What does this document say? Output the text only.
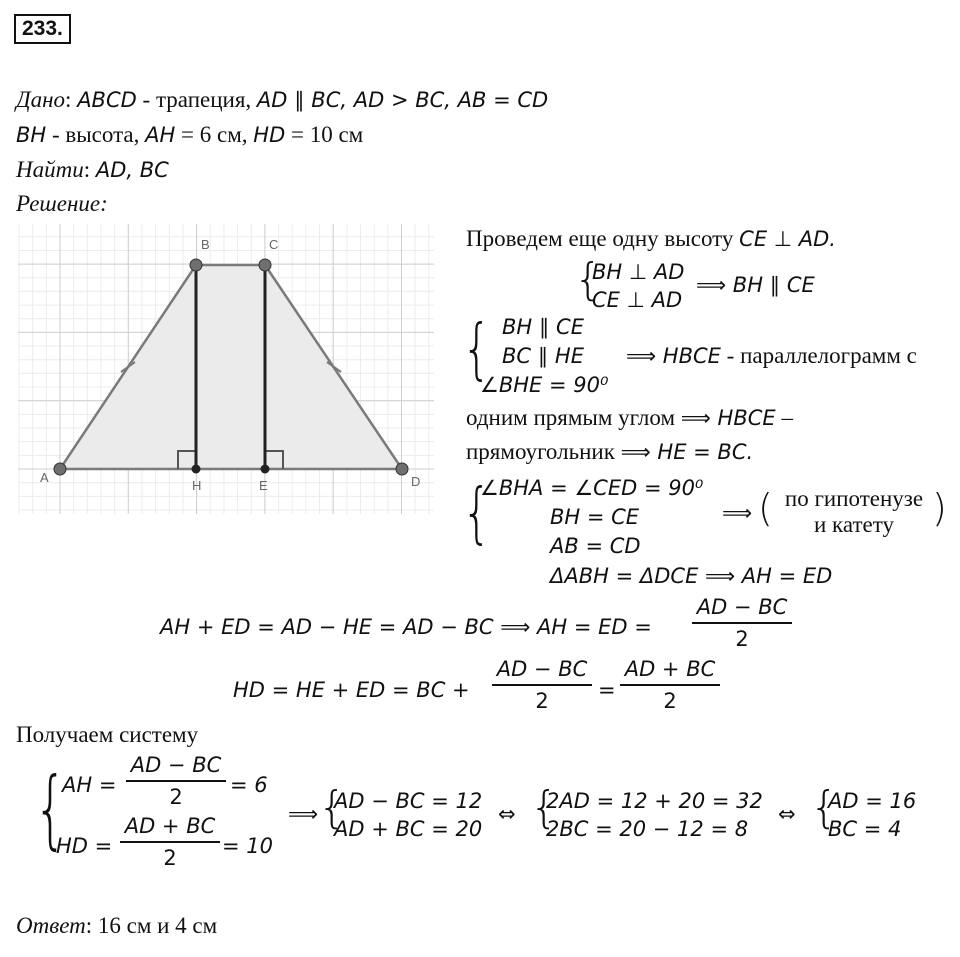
233.
Дано: ABCD - трапеция, AD ∥ BC, AD > BC, AB = CD
BH - высота, AH = 6 см, HD = 10 см
Найти: AD, BC
Решение:
B	C
A	D
H	E
Проведем еще одну высоту CE ⊥ AD.
{
BH ⊥ AD
CE ⊥ AD
⟹ BH ∥ CE
{ BH ∥ CE
BC ∥ HE
∠BHE = 90⁰
⟹ HBCE - параллелограмм с
одним прямым углом ⟹ HBCE –
прямоугольник ⟹ HE = BC.
{
∠BHA = ∠CED = 90⁰
BH = CE
AB = CD
⟹ ( по гипотенузе
и катету	)
ΔABH = ΔDCE ⟹ AH = ED
AH + ED = AD − HE = AD − BC ⟹ AH = ED =
AD − BC
2
HD = HE + ED = BC +
AD − BC
2	=
AD + BC
2
Получаем систему
{
AH =
AD − BC
2	= 6
HD =
AD + BC
2	= 10
⟹ {
AD − BC = 12
AD + BC = 20
⇔ {
2AD = 12 + 20 = 32
2BC = 20 − 12 = 8
⇔ {
AD = 16
BC = 4
Ответ: 16 см и 4 см
